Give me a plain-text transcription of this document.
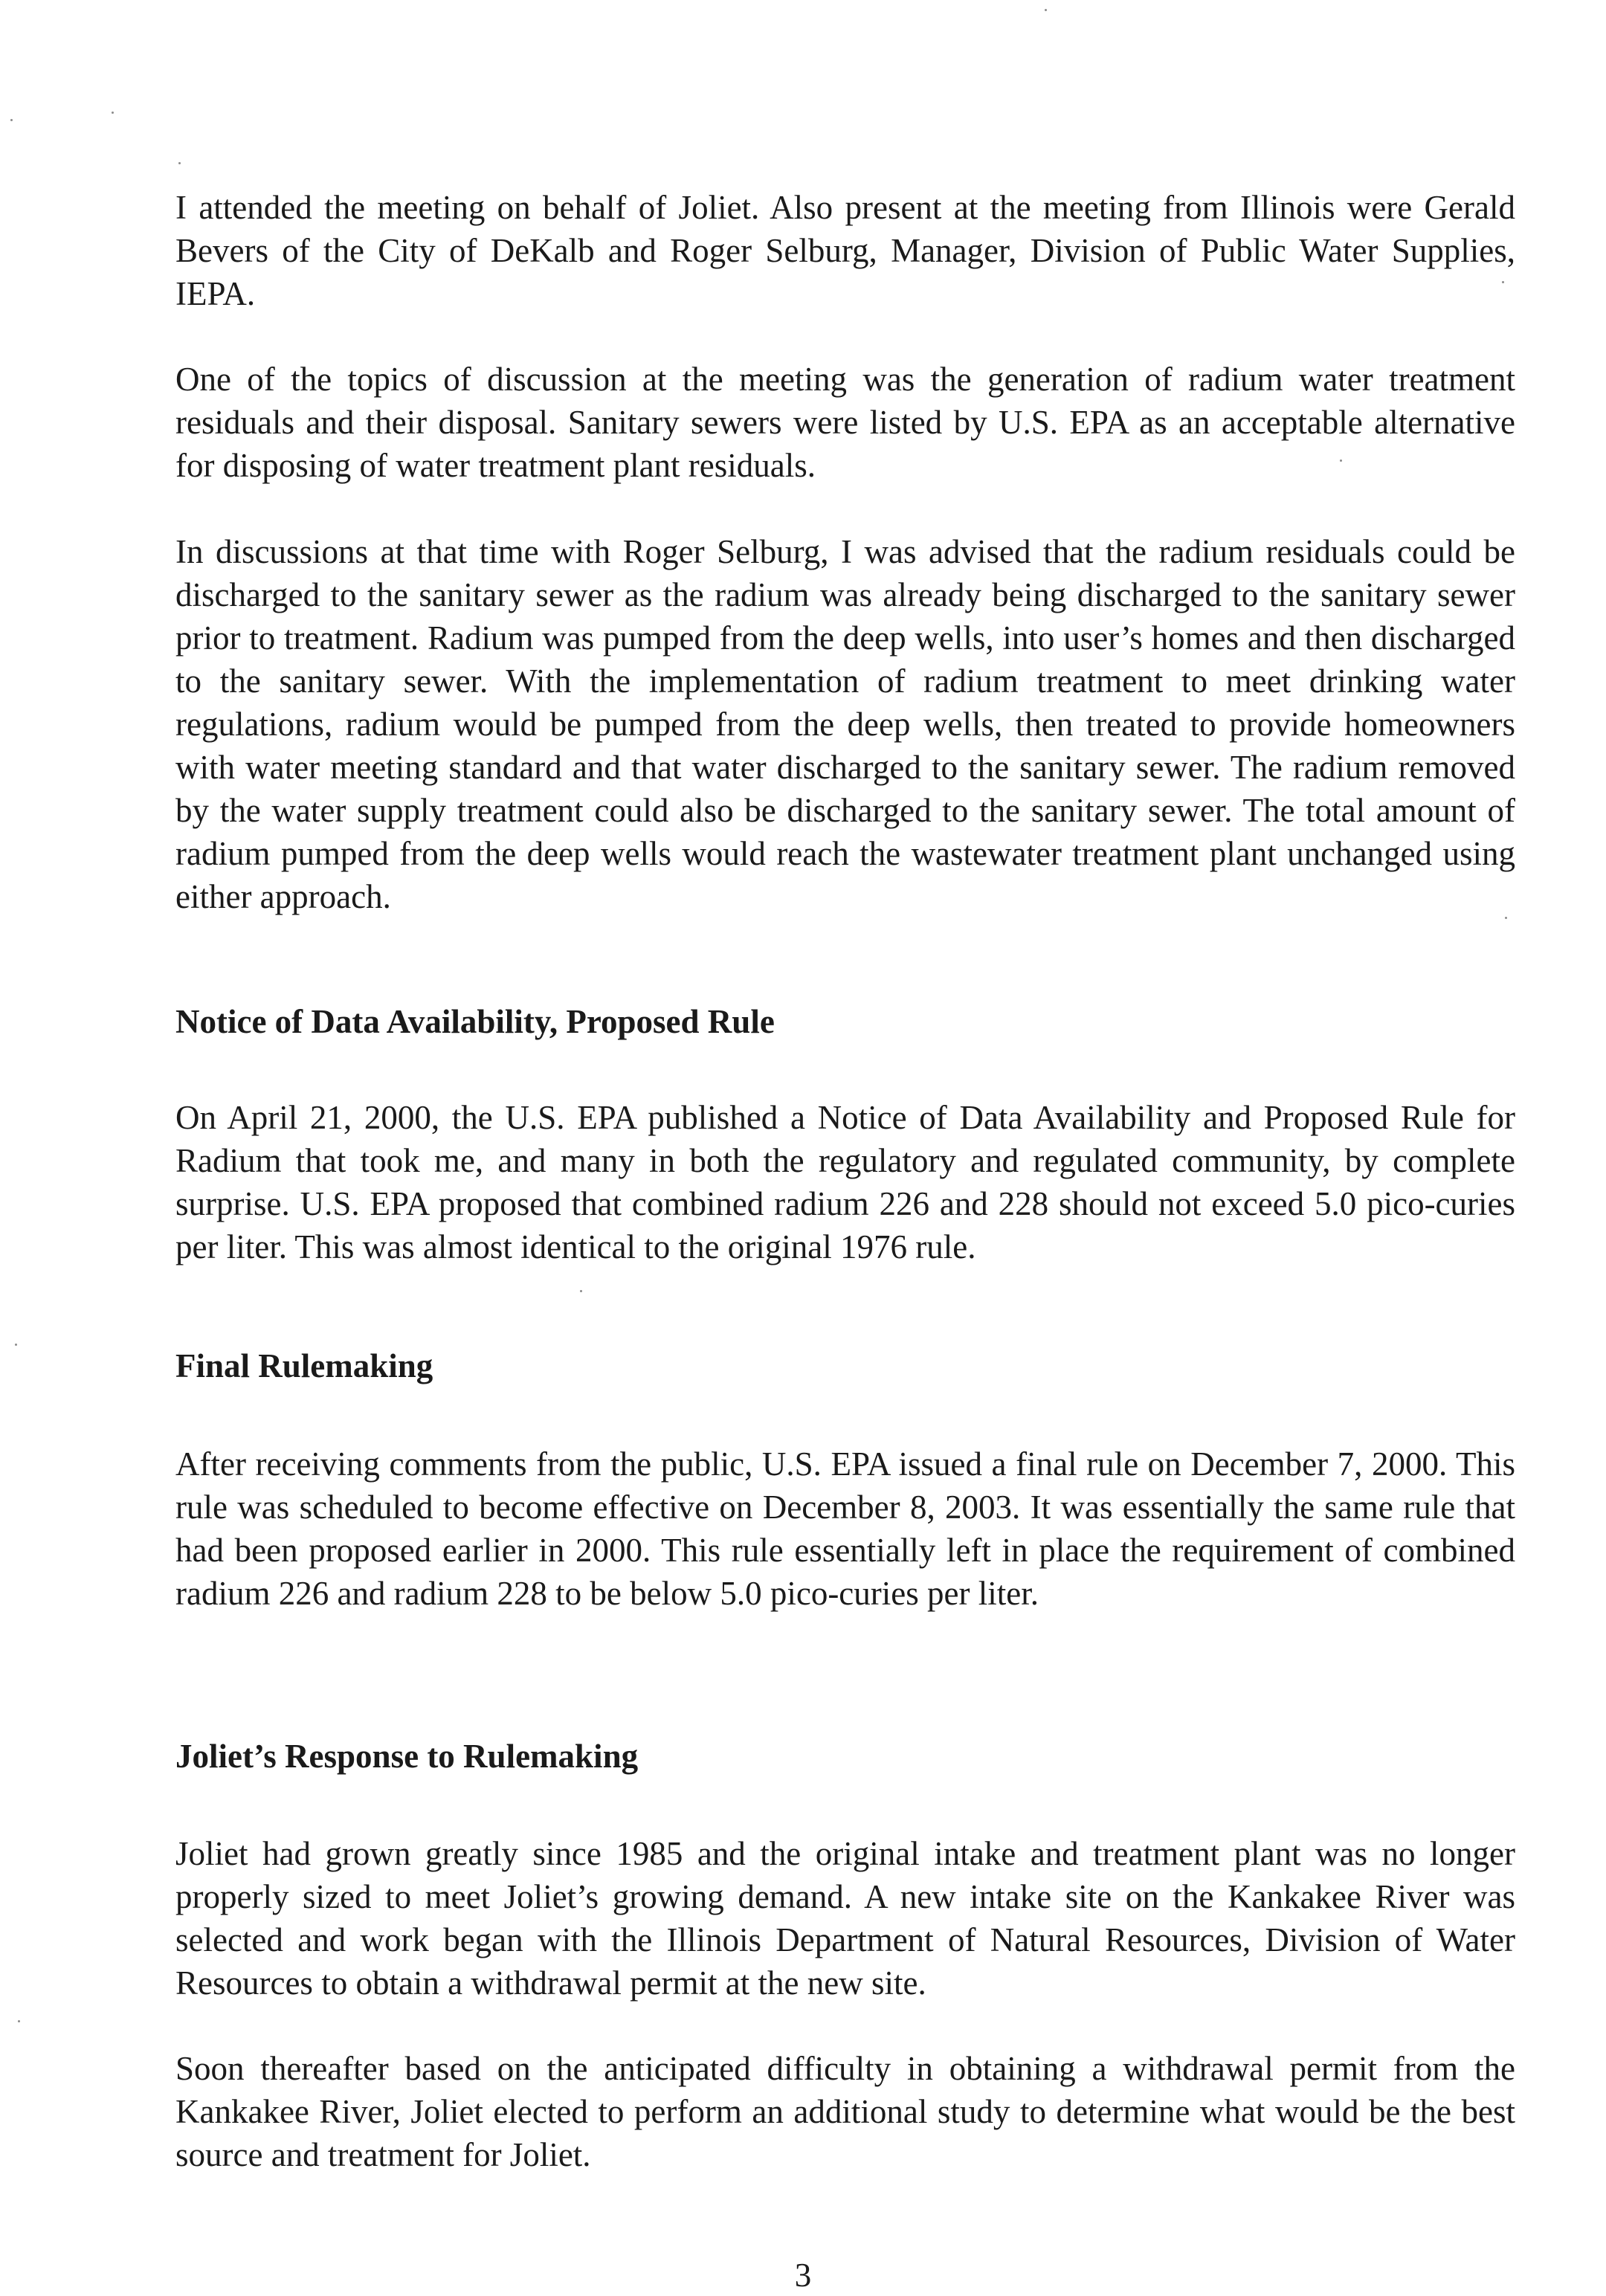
I attended the meeting on behalf of Joliet. Also present at the meeting from Illinois were Gerald Bevers of the City of DeKalb and Roger Selburg, Manager, Division of Public Water Supplies, IEPA.

One of the topics of discussion at the meeting was the generation of radium water treatment residuals and their disposal. Sanitary sewers were listed by U.S. EPA as an acceptable alternative for disposing of water treatment plant residuals.

In discussions at that time with Roger Selburg, I was advised that the radium residuals could be discharged to the sanitary sewer as the radium was already being discharged to the sanitary sewer prior to treatment. Radium was pumped from the deep wells, into user’s homes and then discharged to the sanitary sewer. With the implementation of radium treatment to meet drinking water regulations, radium would be pumped from the deep wells, then treated to provide homeowners with water meeting standard and that water discharged to the sanitary sewer. The radium removed by the water supply treatment could also be discharged to the sanitary sewer. The total amount of radium pumped from the deep wells would reach the wastewater treatment plant unchanged using either approach.

Notice of Data Availability, Proposed Rule

On April 21, 2000, the U.S. EPA published a Notice of Data Availability and Proposed Rule for Radium that took me, and many in both the regulatory and regulated community, by complete surprise. U.S. EPA proposed that combined radium 226 and 228 should not exceed 5.0 pico-curies per liter. This was almost identical to the original 1976 rule.

Final Rulemaking

After receiving comments from the public, U.S. EPA issued a final rule on December 7, 2000. This rule was scheduled to become effective on December 8, 2003. It was essentially the same rule that had been proposed earlier in 2000. This rule essentially left in place the requirement of combined radium 226 and radium 228 to be below 5.0 pico-curies per liter.

Joliet’s Response to Rulemaking

Joliet had grown greatly since 1985 and the original intake and treatment plant was no longer properly sized to meet Joliet’s growing demand. A new intake site on the Kankakee River was selected and work began with the Illinois Department of Natural Resources, Division of Water Resources to obtain a withdrawal permit at the new site.

Soon thereafter based on the anticipated difficulty in obtaining a withdrawal permit from the Kankakee River, Joliet elected to perform an additional study to determine what would be the best source and treatment for Joliet.

3
